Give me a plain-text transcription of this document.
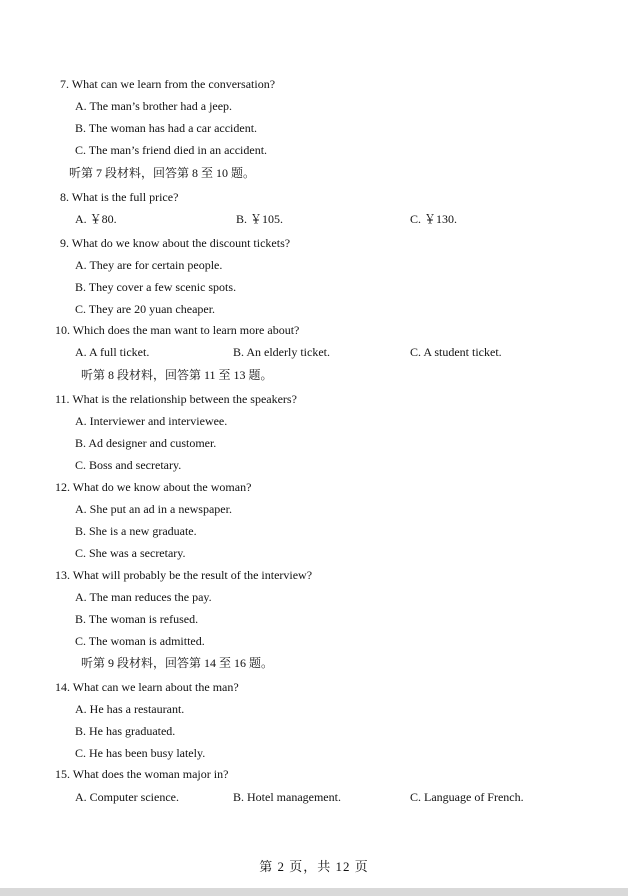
7. What can we learn from the conversation?
A. The man’s brother had a jeep.
B. The woman has had a car accident.
C. The man’s friend died in an accident.
听第 7 段材料，回答第 8 至 10 题。
8. What is the full price?
A. ￥80.	B. ￥105.	C. ￥130.
9. What do we know about the discount tickets?
A. They are for certain people.
B. They cover a few scenic spots.
C. They are 20 yuan cheaper.
10. Which does the man want to learn more about?
A. A full ticket.	B. An elderly ticket.	C. A student ticket.
听第 8 段材料，回答第 11 至 13 题。
11. What is the relationship between the speakers?
A. Interviewer and interviewee.
B. Ad designer and customer.
C. Boss and secretary.
12. What do we know about the woman?
A. She put an ad in a newspaper.
B. She is a new graduate.
C. She was a secretary.
13. What will probably be the result of the interview?
A. The man reduces the pay.
B. The woman is refused.
C. The woman is admitted.
听第 9 段材料，回答第 14 至 16 题。
14. What can we learn about the man?
A. He has a restaurant.
B. He has graduated.
C. He has been busy lately.
15. What does the woman major in?
A. Computer science.	B. Hotel management.	C. Language of French.
第 2 页，共 12 页
